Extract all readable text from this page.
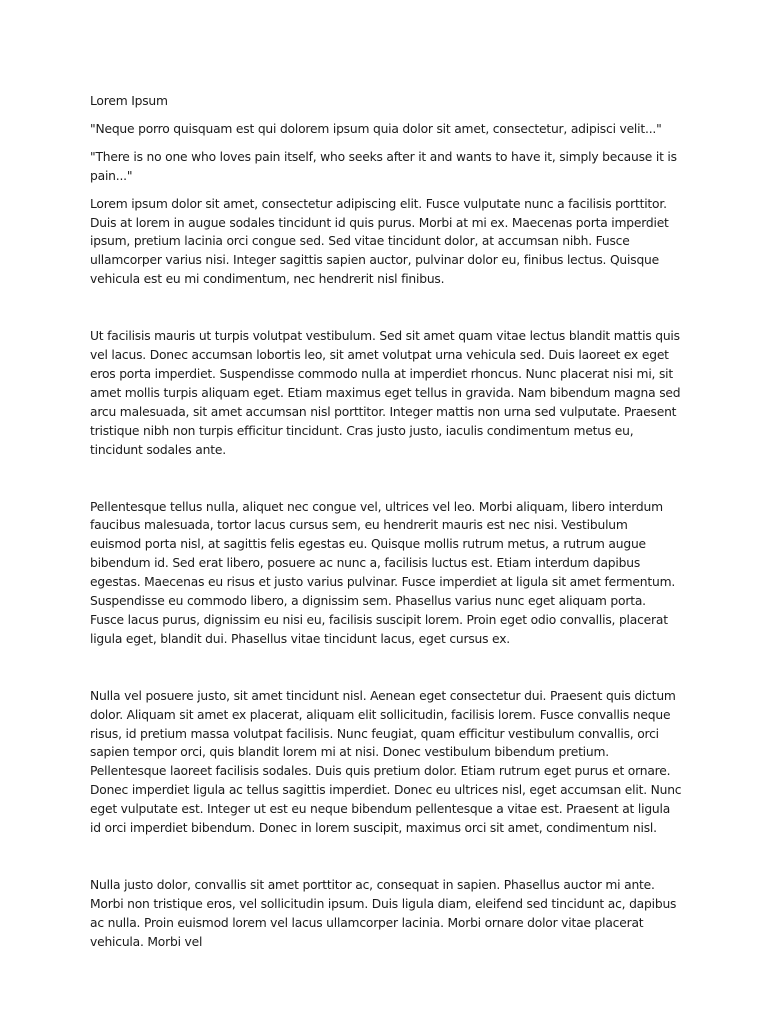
Lorem Ipsum
"Neque porro quisquam est qui dolorem ipsum quia dolor sit amet, consectetur, adipisci velit..."
"There is no one who loves pain itself, who seeks after it and wants to have it, simply because it is pain..."
Lorem ipsum dolor sit amet, consectetur adipiscing elit. Fusce vulputate nunc a facilisis porttitor. Duis at lorem in augue sodales tincidunt id quis purus. Morbi at mi ex. Maecenas porta imperdiet ipsum, pretium lacinia orci congue sed. Sed vitae tincidunt dolor, at accumsan nibh. Fusce ullamcorper varius nisi. Integer sagittis sapien auctor, pulvinar dolor eu, finibus lectus. Quisque vehicula est eu mi condimentum, nec hendrerit nisl finibus.
Ut facilisis mauris ut turpis volutpat vestibulum. Sed sit amet quam vitae lectus blandit mattis quis vel lacus. Donec accumsan lobortis leo, sit amet volutpat urna vehicula sed. Duis laoreet ex eget eros porta imperdiet. Suspendisse commodo nulla at imperdiet rhoncus. Nunc placerat nisi mi, sit amet mollis turpis aliquam eget. Etiam maximus eget tellus in gravida. Nam bibendum magna sed arcu malesuada, sit amet accumsan nisl porttitor. Integer mattis non urna sed vulputate. Praesent tristique nibh non turpis efficitur tincidunt. Cras justo justo, iaculis condimentum metus eu, tincidunt sodales ante.
Pellentesque tellus nulla, aliquet nec congue vel, ultrices vel leo. Morbi aliquam, libero interdum faucibus malesuada, tortor lacus cursus sem, eu hendrerit mauris est nec nisi. Vestibulum euismod porta nisl, at sagittis felis egestas eu. Quisque mollis rutrum metus, a rutrum augue bibendum id. Sed erat libero, posuere ac nunc a, facilisis luctus est. Etiam interdum dapibus egestas. Maecenas eu risus et justo varius pulvinar. Fusce imperdiet at ligula sit amet fermentum. Suspendisse eu commodo libero, a dignissim sem. Phasellus varius nunc eget aliquam porta. Fusce lacus purus, dignissim eu nisi eu, facilisis suscipit lorem. Proin eget odio convallis, placerat ligula eget, blandit dui. Phasellus vitae tincidunt lacus, eget cursus ex.
Nulla vel posuere justo, sit amet tincidunt nisl. Aenean eget consectetur dui. Praesent quis dictum dolor. Aliquam sit amet ex placerat, aliquam elit sollicitudin, facilisis lorem. Fusce convallis neque risus, id pretium massa volutpat facilisis. Nunc feugiat, quam efficitur vestibulum convallis, orci sapien tempor orci, quis blandit lorem mi at nisi. Donec vestibulum bibendum pretium. Pellentesque laoreet facilisis sodales. Duis quis pretium dolor. Etiam rutrum eget purus et ornare. Donec imperdiet ligula ac tellus sagittis imperdiet. Donec eu ultrices nisl, eget accumsan elit. Nunc eget vulputate est. Integer ut est eu neque bibendum pellentesque a vitae est. Praesent at ligula id orci imperdiet bibendum. Donec in lorem suscipit, maximus orci sit amet, condimentum nisl.
Nulla justo dolor, convallis sit amet porttitor ac, consequat in sapien. Phasellus auctor mi ante. Morbi non tristique eros, vel sollicitudin ipsum. Duis ligula diam, eleifend sed tincidunt ac, dapibus ac nulla. Proin euismod lorem vel lacus ullamcorper lacinia. Morbi ornare dolor vitae placerat vehicula. Morbi vel
